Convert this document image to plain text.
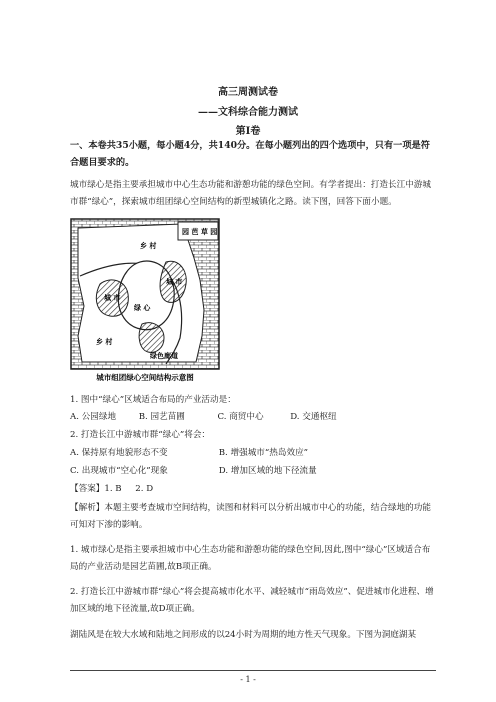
高三周测试卷
——文科综合能力测试
第Ⅰ卷

一、本卷共35小题，每小题4分，共140分。在每小题列出的四个选项中，只有一项是符合题目要求的。

城市绿心是指主要承担城市中心生态功能和游憩功能的绿色空间。有学者提出：打造长江中游城市群“绿心”，探索城市组团绿心空间结构的新型城镇化之路。读下图，回答下面小题。

园 芭 草 园
乡 村
城 市
城 市
绿 心
乡 村
绿色廊道
城市组团绿心空间结构示意图
1. 图中“绿心”区域适合布局的产业活动是：
A. 公园绿地	B. 园艺苗圃	C. 商贸中心	D. 交通枢纽
2. 打造长江中游城市群“绿心”将会：
A. 保持原有地貌形态不变	B. 增强城市“热岛效应”
C. 出现城市“空心化”现象	D. 增加区域的地下径流量
【答案】1. B     2. D

【解析】本题主要考查城市空间结构，读图和材料可以分析出城市中心的功能，结合绿地的功能可知对下渗的影响。

1. 城市绿心是指主要承担城市中心生态功能和游憩功能的绿色空间,因此,图中“绿心”区域适合布局的产业活动是园艺苗圃,故B项正确。

2. 打造长江中游城市群“绿心”将会提高城市化水平、减轻城市“雨岛效应”、促进城市化进程、增加区域的地下径流量,故D项正确。

湖陆风是在较大水域和陆地之间形成的以24小时为周期的地方性天气现象。下图为洞庭湖某

- 1 -
